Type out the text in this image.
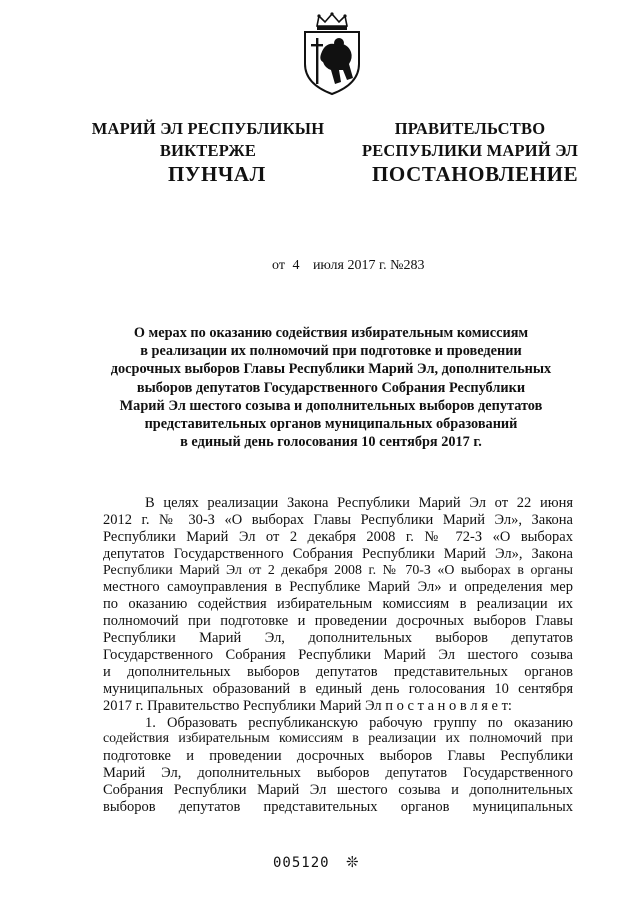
МАРИЙ ЭЛ РЕСПУБЛИКЫН
ВИКТЕРЖЕ
ПРАВИТЕЛЬСТВО
РЕСПУБЛИКИ МАРИЙ ЭЛ
ПУНЧАЛ	ПОСТАНОВЛЕНИЕ
от 4 июля 2017 г. №283
О мерах по оказанию содействия избирательным комиссиям
в реализации их полномочий при подготовке и проведении
досрочных выборов Главы Республики Марий Эл, дополнительных
выборов депутатов Государственного Собрания Республики
Марий Эл шестого созыва и дополнительных выборов депутатов
представительных органов муниципальных образований
в единый день голосования 10 сентября 2017 г.
В целях реализации Закона Республики Марий Эл от 22 июня
2012 г. № 30-З «О выборах Главы Республики Марий Эл», Закона
Республики Марий Эл от 2 декабря 2008 г. № 72-З «О выборах
депутатов Государственного Собрания Республики Марий Эл», Закона
Республики Марий Эл от 2 декабря 2008 г. № 70-З «О выборах в органы
местного самоуправления в Республике Марий Эл» и определения мер
по оказанию содействия избирательным комиссиям в реализации их
полномочий при подготовке и проведении досрочных выборов Главы
Республики Марий Эл, дополнительных выборов депутатов
Государственного Собрания Республики Марий Эл шестого созыва
и дополнительных выборов депутатов представительных органов
муниципальных образований в единый день голосования 10 сентября
2017 г. Правительство Республики Марий Эл п о с т а н о в л я е т:
1. Образовать республиканскую рабочую группу по оказанию
содействия избирательным комиссиям в реализации их полномочий при
подготовке и проведении досрочных выборов Главы Республики
Марий Эл, дополнительных выборов депутатов Государственного
Собрания Республики Марий Эл шестого созыва и дополнительных
выборов депутатов представительных органов муниципальных
005120 ❊
